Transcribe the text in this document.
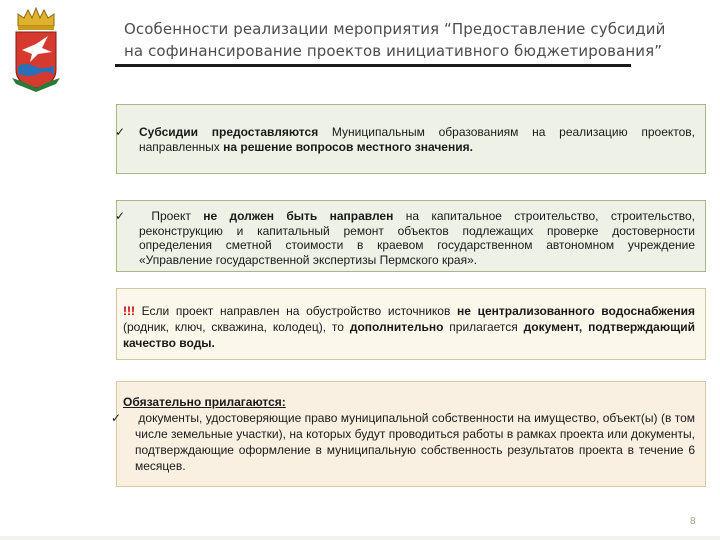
Особенности реализации мероприятия “Предоставление субсидий
на софинансирование проектов инициативного бюджетирования”
✓ Субсидии предоставляются Муниципальным образованиям на реализацию проектов, направленных на решение вопросов местного значения.
✓ Проект не должен быть направлен на капитальное строительство, строительство, реконструкцию и капитальный ремонт объектов подлежащих проверке достоверности определения сметной стоимости в краевом государственном автономном учреждение «Управление государственной экспертизы Пермского края».
!!! Если проект направлен на обустройство источников не централизованного водоснабжения (родник, ключ, скважина, колодец), то дополнительно прилагается документ, подтверждающий качество воды.
Обязательно прилагаются:
✓ документы, удостоверяющие право муниципальной собственности на имущество, объект(ы) (в том числе земельные участки), на которых будут проводиться работы в рамках проекта или документы, подтверждающие оформление в муниципальную собственность результатов проекта в течение 6 месяцев.
8
